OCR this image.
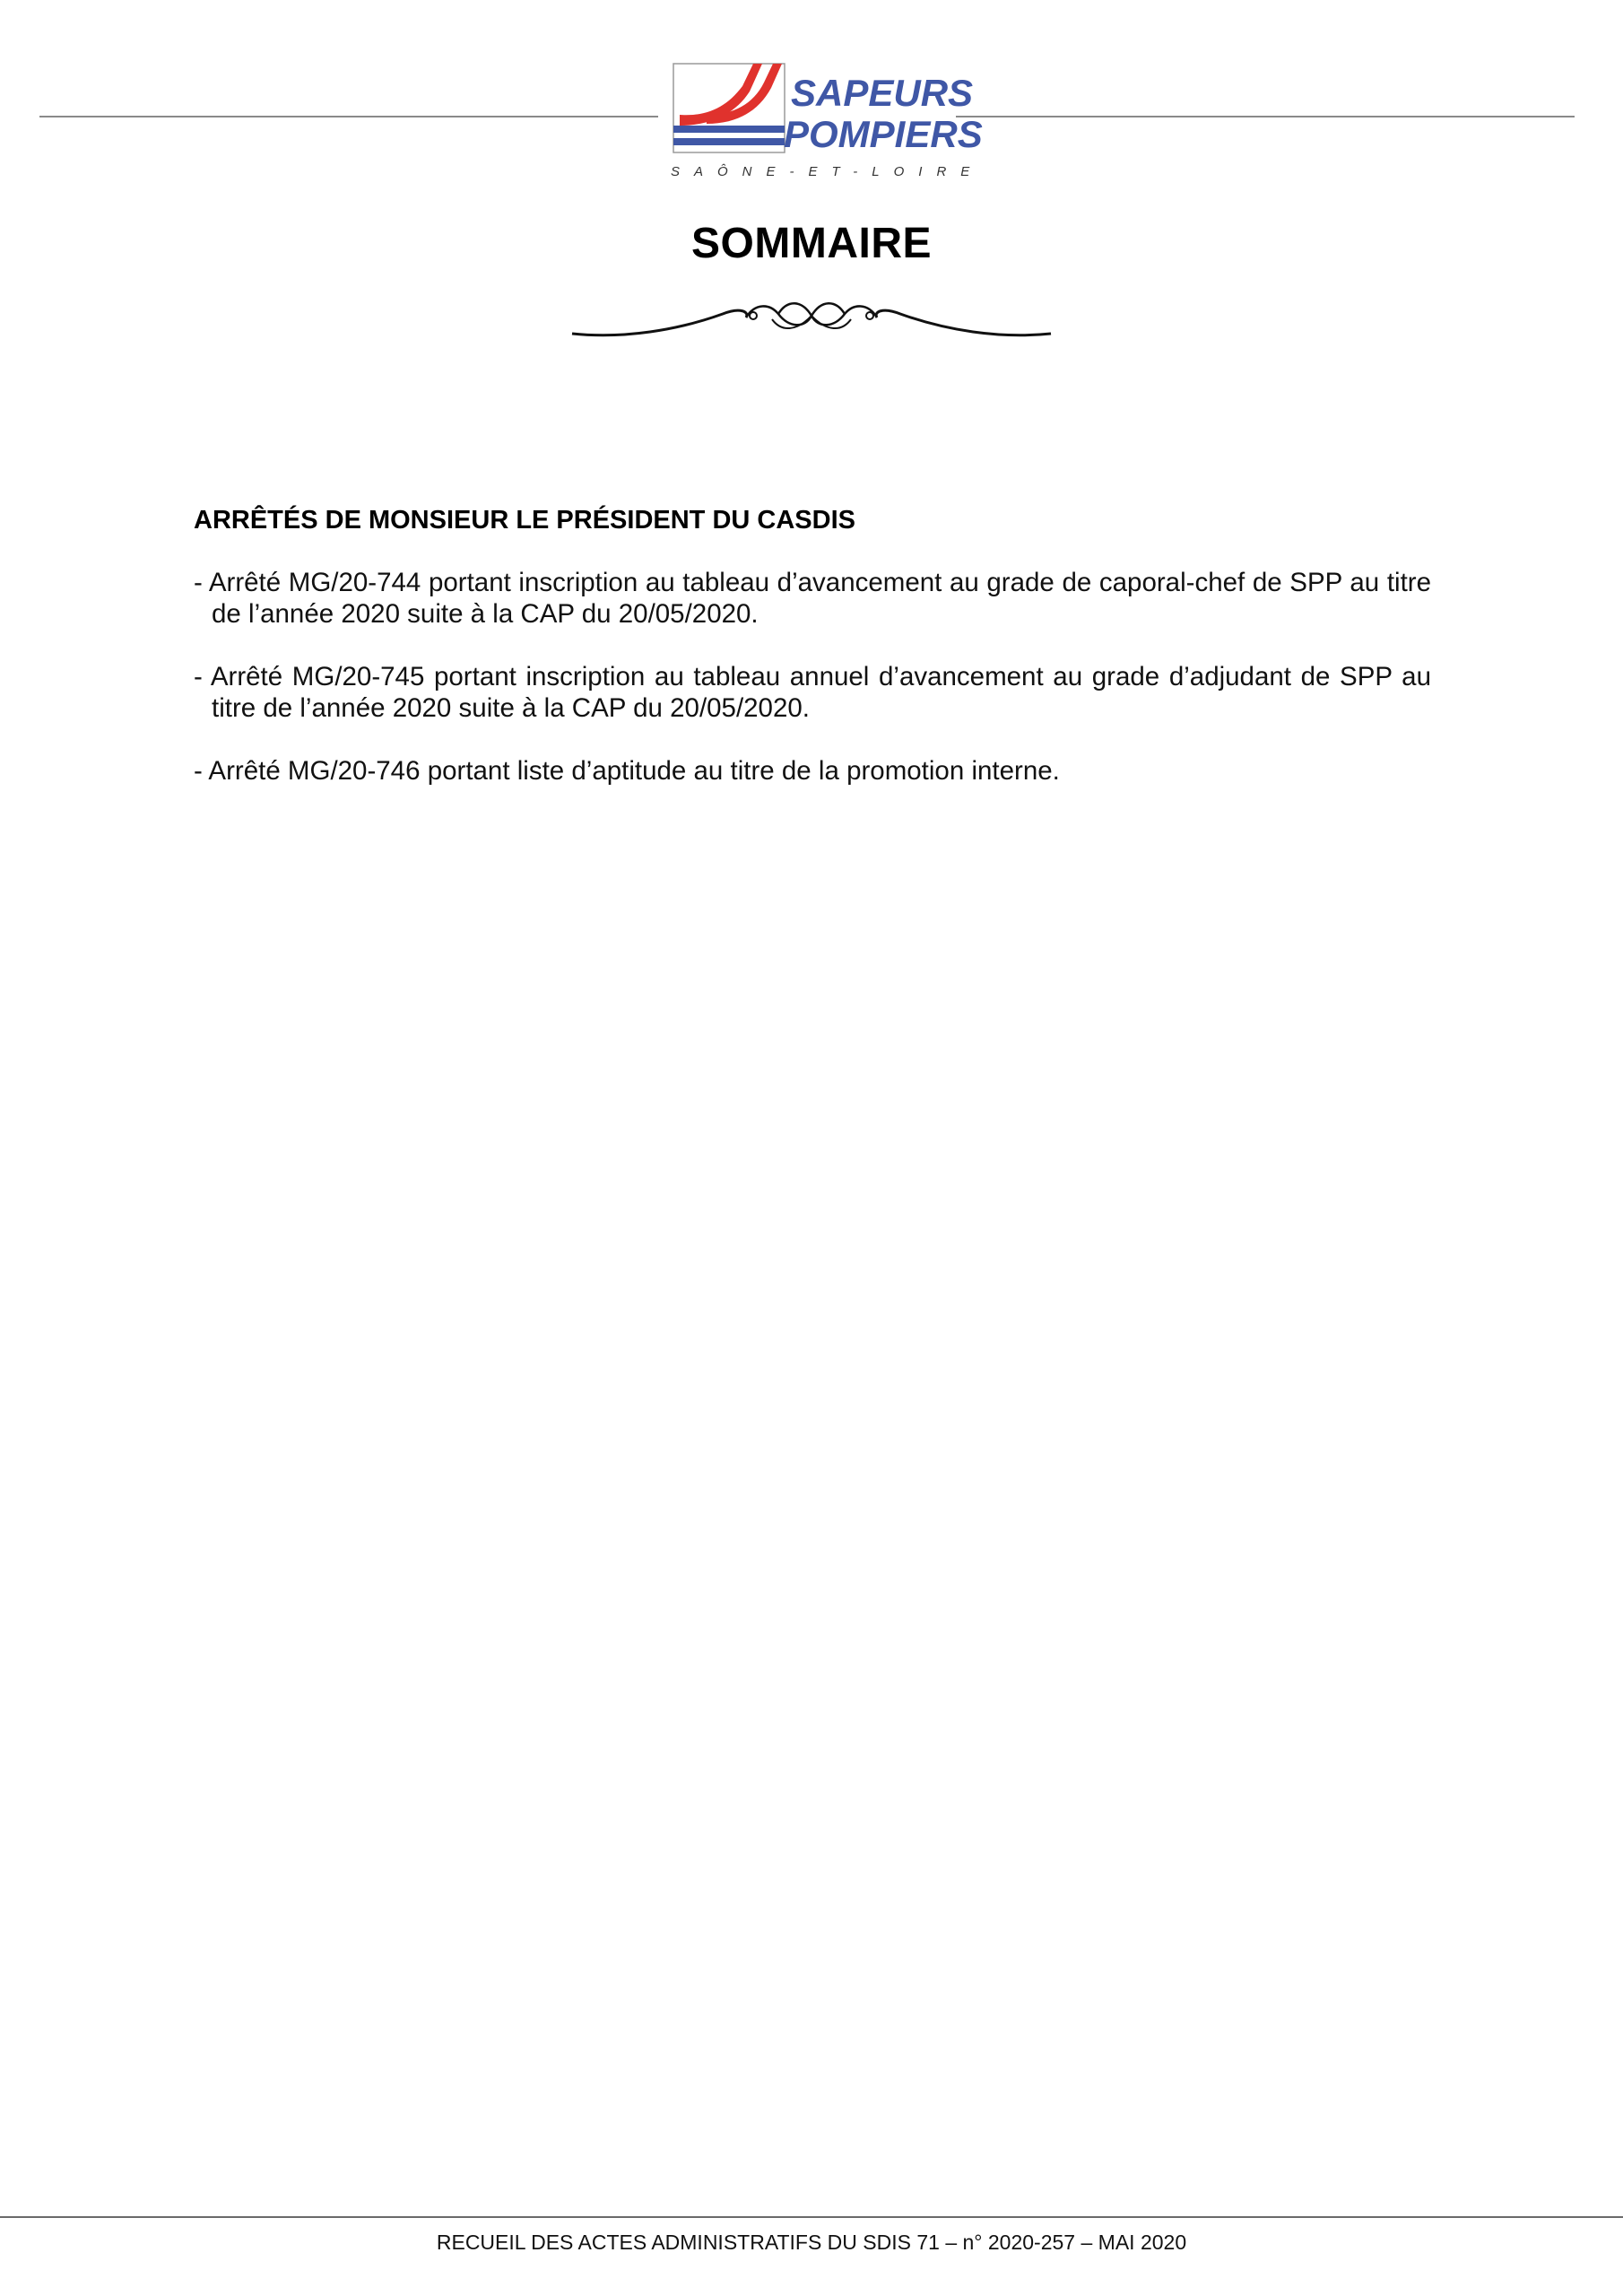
SAPEURS
POMPIERS
SAÔNE-ET-LOIRE
SOMMAIRE
ARRÊTÉS DE MONSIEUR LE PRÉSIDENT DU CASDIS

- Arrêté MG/20-744 portant inscription au tableau d’avancement au grade de caporal-chef de SPP au titre de l’année 2020 suite à la CAP du 20/05/2020.

- Arrêté MG/20-745 portant inscription au tableau annuel d’avancement au grade d’adjudant de SPP au titre de l’année 2020 suite à la CAP du 20/05/2020.

- Arrêté MG/20-746 portant liste d’aptitude au titre de la promotion interne.

RECUEIL DES ACTES ADMINISTRATIFS DU SDIS 71 – n° 2020-257 – MAI 2020
